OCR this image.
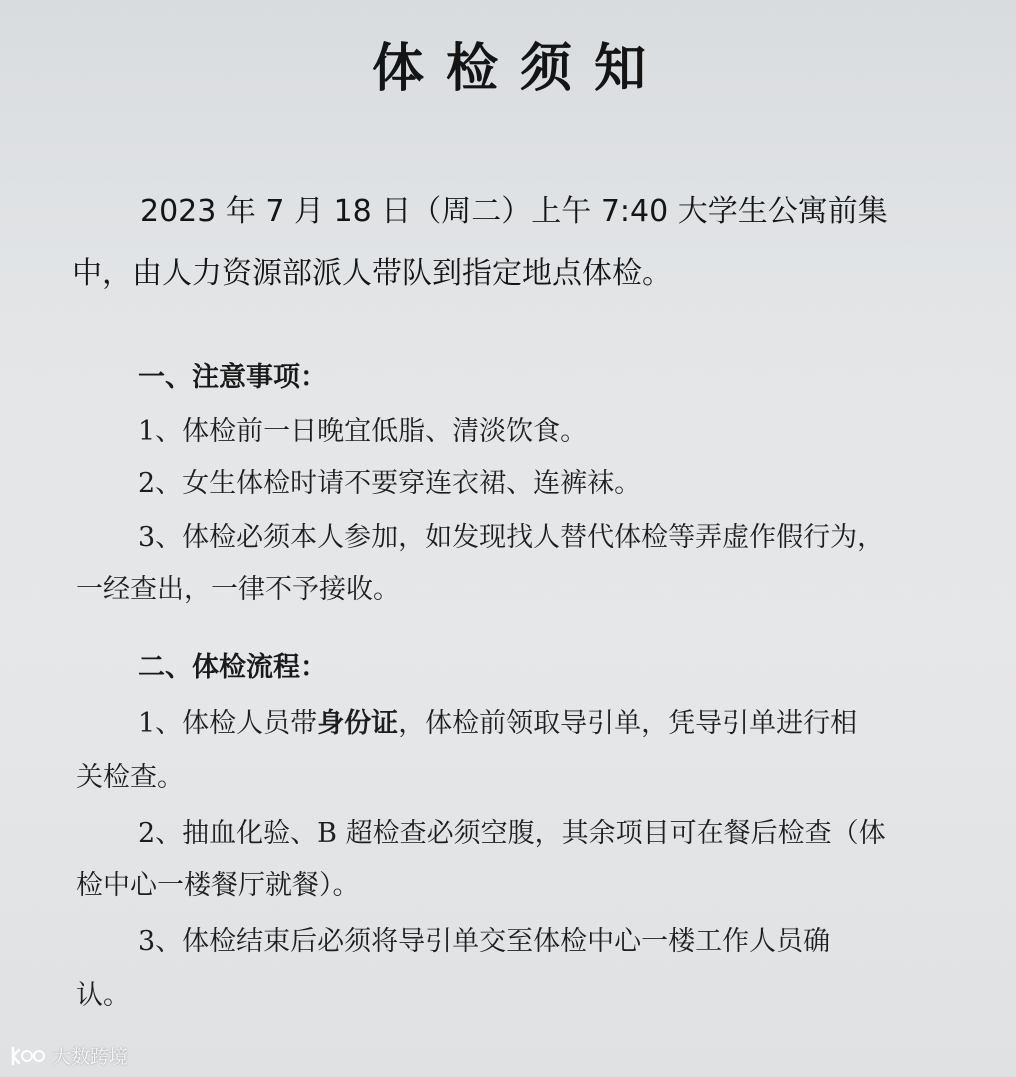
体检须知
2023 年 7 月 18 日（周二）上午 7:40 大学生公寓前集
中，由人力资源部派人带队到指定地点体检。
一、注意事项：
1、体检前一日晚宜低脂、清淡饮食。
2、女生体检时请不要穿连衣裙、连裤袜。
3、体检必须本人参加，如发现找人替代体检等弄虚作假行为，
一经查出，一律不予接收。
二、体检流程：
1、体检人员带身份证，体检前领取导引单，凭导引单进行相
关检查。
2、抽血化验、B 超检查必须空腹，其余项目可在餐后检查（体
检中心一楼餐厅就餐）。
3、体检结束后必须将导引单交至体检中心一楼工作人员确
认。
大数跨境
